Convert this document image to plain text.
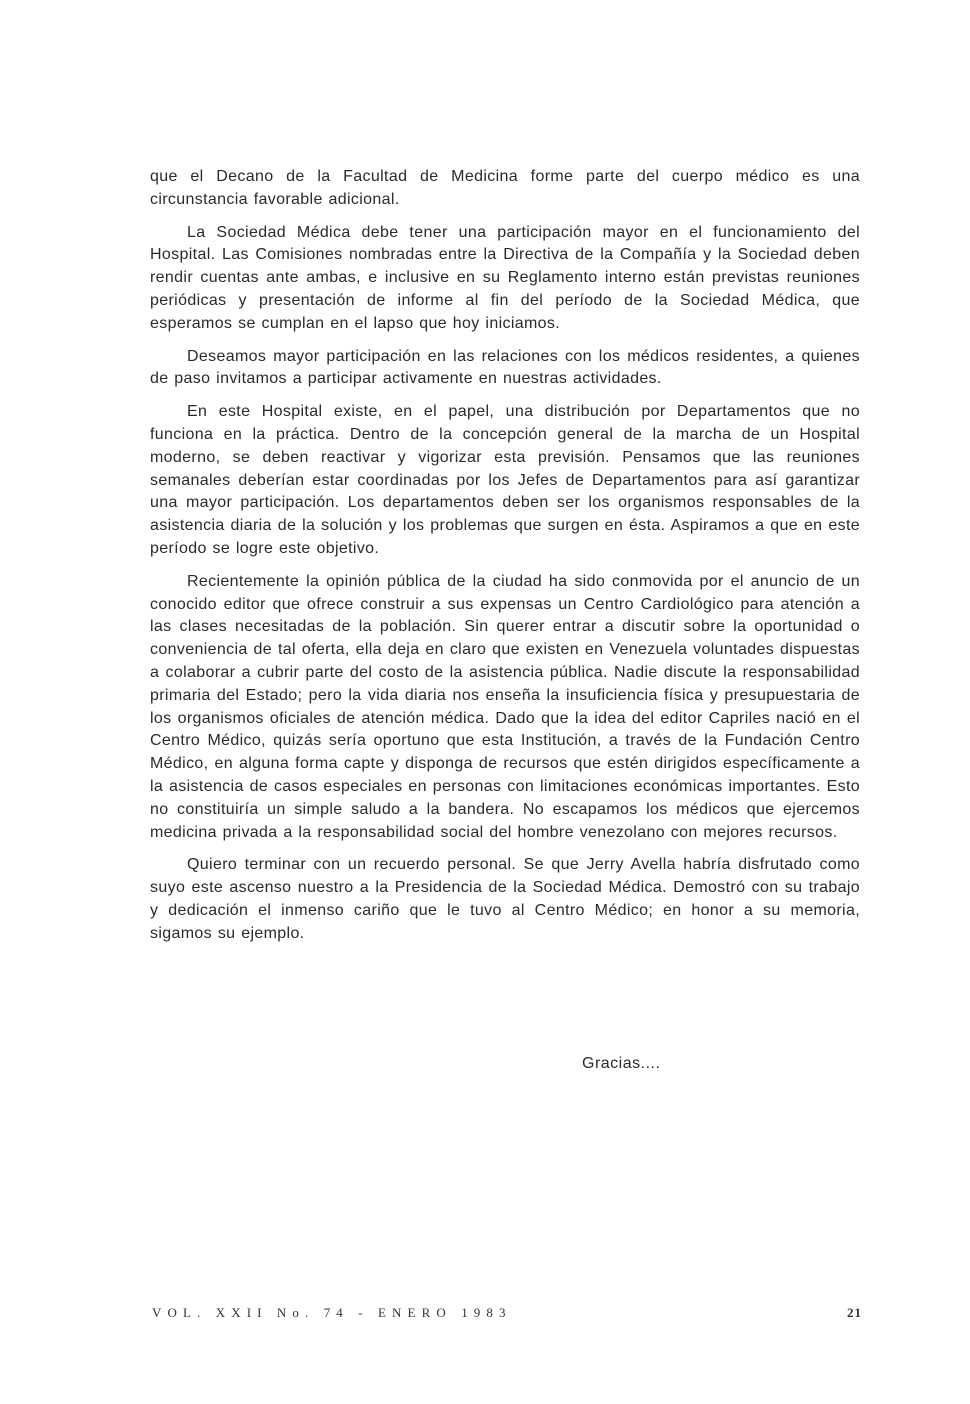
que el Decano de la Facultad de Medicina forme parte del cuerpo médico es una circunstancia favorable adicional.

La Sociedad Médica debe tener una participación mayor en el funcionamiento del Hospital. Las Comisiones nombradas entre la Directiva de la Compañía y la Sociedad deben rendir cuentas ante ambas, e inclusive en su Reglamento interno están previstas reuniones periódicas y presentación de informe al fin del período de la Sociedad Médica, que esperamos se cumplan en el lapso que hoy iniciamos.

Deseamos mayor participación en las relaciones con los médicos residentes, a quienes de paso invitamos a participar activamente en nuestras actividades.

En este Hospital existe, en el papel, una distribución por Departamentos que no funciona en la práctica. Dentro de la concepción general de la marcha de un Hospital moderno, se deben reactivar y vigorizar esta previsión. Pensamos que las reuniones semanales deberían estar coordinadas por los Jefes de Departamentos para así garantizar una mayor participación. Los departamentos deben ser los organismos responsables de la asistencia diaria de la solución y los problemas que surgen en ésta. Aspiramos a que en este período se logre este objetivo.

Recientemente la opinión pública de la ciudad ha sido conmovida por el anuncio de un conocido editor que ofrece construir a sus expensas un Centro Cardiológico para atención a las clases necesitadas de la población. Sin querer entrar a discutir sobre la oportunidad o conveniencia de tal oferta, ella deja en claro que existen en Venezuela voluntades dispuestas a colaborar a cubrir parte del costo de la asistencia pública. Nadie discute la responsabilidad primaria del Estado; pero la vida diaria nos enseña la insuficiencia física y presupuestaria de los organismos oficiales de atención médica. Dado que la idea del editor Capriles nació en el Centro Médico, quizás sería oportuno que esta Institución, a través de la Fundación Centro Médico, en alguna forma capte y disponga de recursos que estén dirigidos específicamente a la asistencia de casos especiales en personas con limitaciones económicas importantes. Esto no constituiría un simple saludo a la bandera. No escapamos los médicos que ejercemos medicina privada a la responsabilidad social del hombre venezolano con mejores recursos.

Quiero terminar con un recuerdo personal. Se que Jerry Avella habría disfrutado como suyo este ascenso nuestro a la Presidencia de la Sociedad Médica. Demostró con su trabajo y dedicación el inmenso cariño que le tuvo al Centro Médico; en honor a su memoria, sigamos su ejemplo.

Gracias....
VOL. XXII No. 74 - ENERO 1983	21
